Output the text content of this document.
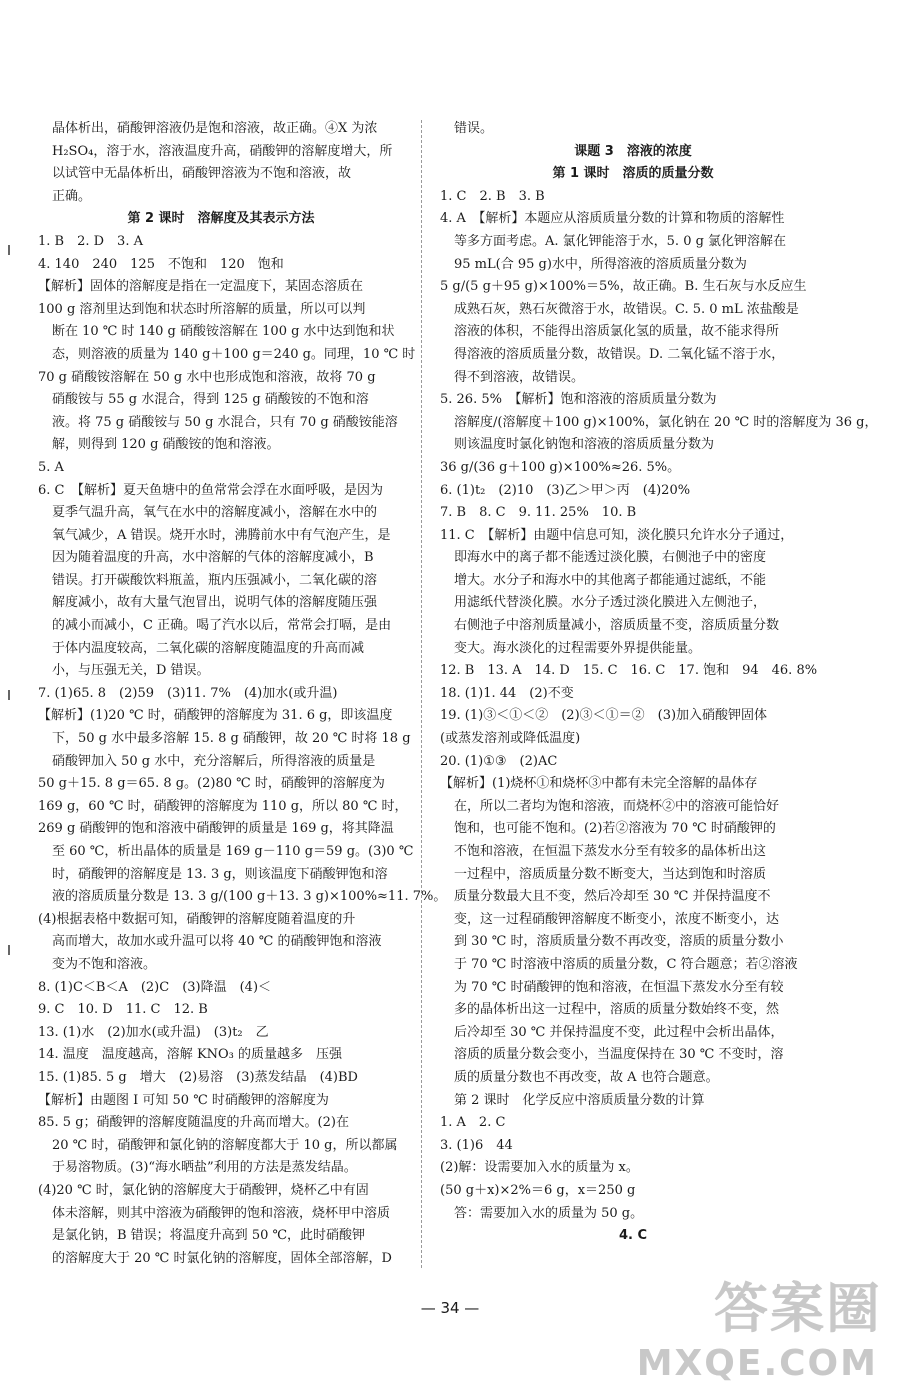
晶体析出，硝酸钾溶液仍是饱和溶液，故正确。④X 为浓
H₂SO₄，溶于水，溶液温度升高，硝酸钾的溶解度增大，所
以试管中无晶体析出，硝酸钾溶液为不饱和溶液，故
正确。
第 2 课时　溶解度及其表示方法
1. B　2. D　3. A
4. 140　240　125　不饱和　120　饱和
【解析】固体的溶解度是指在一定温度下，某固态溶质在
100 g 溶剂里达到饱和状态时所溶解的质量，所以可以判
断在 10 ℃ 时 140 g 硝酸铵溶解在 100 g 水中达到饱和状
态，则溶液的质量为 140 g＋100 g＝240 g。同理，10 ℃ 时
70 g 硝酸铵溶解在 50 g 水中也形成饱和溶液，故将 70 g
硝酸铵与 55 g 水混合，得到 125 g 硝酸铵的不饱和溶
液。将 75 g 硝酸铵与 50 g 水混合，只有 70 g 硝酸铵能溶
解，则得到 120 g 硝酸铵的饱和溶液。
5. A
6. C　【解析】夏天鱼塘中的鱼常常会浮在水面呼吸，是因为
夏季气温升高，氧气在水中的溶解度减小，溶解在水中的
氧气减少，A 错误。烧开水时，沸腾前水中有气泡产生，是
因为随着温度的升高，水中溶解的气体的溶解度减小，B
错误。打开碳酸饮料瓶盖，瓶内压强减小，二氧化碳的溶
解度减小，故有大量气泡冒出，说明气体的溶解度随压强
的减小而减小，C 正确。喝了汽水以后，常常会打嗝，是由
于体内温度较高，二氧化碳的溶解度随温度的升高而减
小，与压强无关，D 错误。
7. (1)65. 8　(2)59　(3)11. 7%　(4)加水(或升温)
【解析】(1)20 ℃ 时，硝酸钾的溶解度为 31. 6 g，即该温度
下，50 g 水中最多溶解 15. 8 g 硝酸钾，故 20 ℃ 时将 18 g
硝酸钾加入 50 g 水中，充分溶解后，所得溶液的质量是
50 g＋15. 8 g＝65. 8 g。(2)80 ℃ 时，硝酸钾的溶解度为
169 g，60 ℃ 时，硝酸钾的溶解度为 110 g，所以 80 ℃ 时，
269 g 硝酸钾的饱和溶液中硝酸钾的质量是 169 g，将其降温
至 60 ℃，析出晶体的质量是 169 g－110 g＝59 g。(3)0 ℃
时，硝酸钾的溶解度是 13. 3 g，则该温度下硝酸钾饱和溶
液的溶质质量分数是 13. 3 g/(100 g＋13. 3 g)×100%≈11. 7%。
(4)根据表格中数据可知，硝酸钾的溶解度随着温度的升
高而增大，故加水或升温可以将 40 ℃ 的硝酸钾饱和溶液
变为不饱和溶液。
8. (1)C＜B＜A　(2)C　(3)降温　(4)＜
9. C　10. D　11. C　12. B
13. (1)水　(2)加水(或升温)　(3)t₂　乙
14. 温度　温度越高，溶解 KNO₃ 的质量越多　压强
15. (1)85. 5 g　增大　(2)易溶　(3)蒸发结晶　(4)BD
【解析】由题图 I 可知 50 ℃ 时硝酸钾的溶解度为
85. 5 g；硝酸钾的溶解度随温度的升高而增大。(2)在
20 ℃ 时，硝酸钾和氯化钠的溶解度都大于 10 g，所以都属
于易溶物质。(3)“海水晒盐”利用的方法是蒸发结晶。
(4)20 ℃ 时，氯化钠的溶解度大于硝酸钾，烧杯乙中有固
体未溶解，则其中溶液为硝酸钾的饱和溶液，烧杯甲中溶质
是氯化钠，B 错误；将温度升高到 50 ℃，此时硝酸钾
的溶解度大于 20 ℃ 时氯化钠的溶解度，固体全部溶解，D
错误。
课题 3　溶液的浓度
第 1 课时　溶质的质量分数
1. C　2. B　3. B
4. A　【解析】本题应从溶质质量分数的计算和物质的溶解性
等多方面考虑。A. 氯化钾能溶于水，5. 0 g 氯化钾溶解在
95 mL(合 95 g)水中，所得溶液的溶质质量分数为
5 g/(5 g＋95 g)×100%＝5%，故正确。B. 生石灰与水反应生
成熟石灰，熟石灰微溶于水，故错误。C. 5. 0 mL 浓盐酸是
溶液的体积，不能得出溶质氯化氢的质量，故不能求得所
得溶液的溶质质量分数，故错误。D. 二氧化锰不溶于水，
得不到溶液，故错误。
5. 26. 5%　【解析】饱和溶液的溶质质量分数为
溶解度/(溶解度＋100 g)×100%，氯化钠在 20 ℃ 时的溶解度为 36 g，
则该温度时氯化钠饱和溶液的溶质质量分数为
36 g/(36 g＋100 g)×100%≈26. 5%。
6. (1)t₂　(2)10　(3)乙＞甲＞丙　(4)20%
7. B　8. C　9. 11. 25%　10. B
11. C　【解析】由题中信息可知，淡化膜只允许水分子通过，
即海水中的离子都不能透过淡化膜，右侧池子中的密度
增大。水分子和海水中的其他离子都能通过滤纸，不能
用滤纸代替淡化膜。水分子透过淡化膜进入左侧池子，
右侧池子中溶剂质量减小，溶质质量不变，溶质质量分数
变大。海水淡化的过程需要外界提供能量。
12. B　13. A　14. D　15. C　16. C　17. 饱和　94　46. 8%
18. (1)1. 44　(2)不变
19. (1)③＜①＜②　(2)③＜①＝②　(3)加入硝酸钾固体
(或蒸发溶剂或降低温度)
20. (1)①③　(2)AC
【解析】(1)烧杯①和烧杯③中都有未完全溶解的晶体存
在，所以二者均为饱和溶液，而烧杯②中的溶液可能恰好
饱和，也可能不饱和。(2)若②溶液为 70 ℃ 时硝酸钾的
不饱和溶液，在恒温下蒸发水分至有较多的晶体析出这
一过程中，溶质质量分数不断变大，当达到饱和时溶质
质量分数最大且不变，然后冷却至 30 ℃ 并保持温度不
变，这一过程硝酸钾溶解度不断变小，浓度不断变小，达
到 30 ℃ 时，溶质质量分数不再改变，溶质的质量分数小
于 70 ℃ 时溶液中溶质的质量分数，C 符合题意；若②溶液
为 70 ℃ 时硝酸钾的饱和溶液，在恒温下蒸发水分至有较
多的晶体析出这一过程中，溶质的质量分数始终不变，然
后冷却至 30 ℃ 并保持温度不变，此过程中会析出晶体，
溶质的质量分数会变小，当温度保持在 30 ℃ 不变时，溶
质的质量分数也不再改变，故 A 也符合题意。
第 2 课时　化学反应中溶质质量分数的计算
1. A　2. C
3. (1)6　44
(2)解：设需要加入水的质量为 x。
(50 g＋x)×2%＝6 g，x＝250 g
答：需要加入水的质量为 50 g。
4. C
— 34 —	答案圈
MXQE.COM
